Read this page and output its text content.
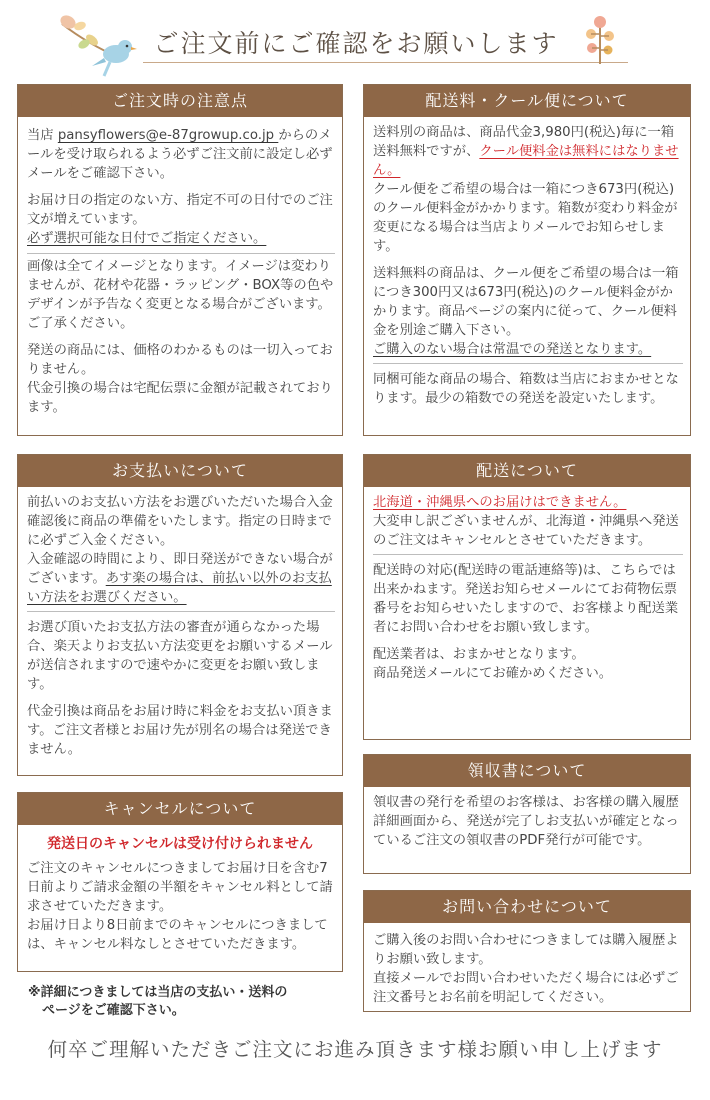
ご注文前にご確認をお願いします
ご注文時の注意点
当店 pansyflowers@e-87growup.co.jp からのメールを受け取られるよう必ずご注文前に設定し必ずメールをご確認下さい。
お届け日の指定のない方、指定不可の日付でのご注文が増えています。
必ず選択可能な日付でご指定ください。
画像は全てイメージとなります。イメージは変わりませんが、花材や花器・ラッピング・BOX等の色やデザインが予告なく変更となる場合がございます。ご了承ください。
発送の商品には、価格のわかるものは一切入っておりません。
代金引換の場合は宅配伝票に金額が記載されております。
配送料・クール便について
送料別の商品は、商品代金3,980円(税込)毎に一箱送料無料ですが、クール便料金は無料にはなりません。
クール便をご希望の場合は一箱につき673円(税込)のクール便料金がかかります。箱数が変わり料金が変更になる場合は当店よりメールでお知らせします。
送料無料の商品は、クール便をご希望の場合は一箱につき300円又は673円(税込)のクール便料金がかかります。商品ページの案内に従って、クール便料金を別途ご購入下さい。
ご購入のない場合は常温での発送となります。
同梱可能な商品の場合、箱数は当店におまかせとなります。最少の箱数での発送を設定いたします。
お支払いについて
前払いのお支払い方法をお選びいただいた場合入金確認後に商品の準備をいたします。指定の日時までに必ずご入金ください。
入金確認の時間により、即日発送ができない場合がございます。あす楽の場合は、前払い以外のお支払い方法をお選びください。
お選び頂いたお支払方法の審査が通らなかった場合、楽天よりお支払い方法変更をお願いするメールが送信されますので速やかに変更をお願い致します。
代金引換は商品をお届け時に料金をお支払い頂きます。ご注文者様とお届け先が別名の場合は発送できません。
配送について
北海道・沖縄県へのお届けはできません。
大変申し訳ございませんが、北海道・沖縄県へ発送のご注文はキャンセルとさせていただきます。
配送時の対応(配送時の電話連絡等)は、こちらでは出来かねます。発送お知らせメールにてお荷物伝票番号をお知らせいたしますので、お客様より配送業者にお問い合わせをお願い致します。
配送業者は、おまかせとなります。
商品発送メールにてお確かめください。
キャンセルについて
発送日のキャンセルは受け付けられません
ご注文のキャンセルにつきましてお届け日を含む7日前よりご請求金額の半額をキャンセル料として請求させていただきます。
お届け日より8日前までのキャンセルにつきましては、キャンセル料なしとさせていただきます。
領収書について
領収書の発行を希望のお客様は、お客様の購入履歴詳細画面から、発送が完了しお支払いが確定となっているご注文の領収書のPDF発行が可能です。
お問い合わせについて
ご購入後のお問い合わせにつきましては購入履歴よりお願い致します。
直接メールでお問い合わせいただく場合には必ずご注文番号とお名前を明記してください。
※詳細につきましては当店の支払い・送料の
ページをご確認下さい。
何卒ご理解いただきご注文にお進み頂きます様お願い申し上げます
